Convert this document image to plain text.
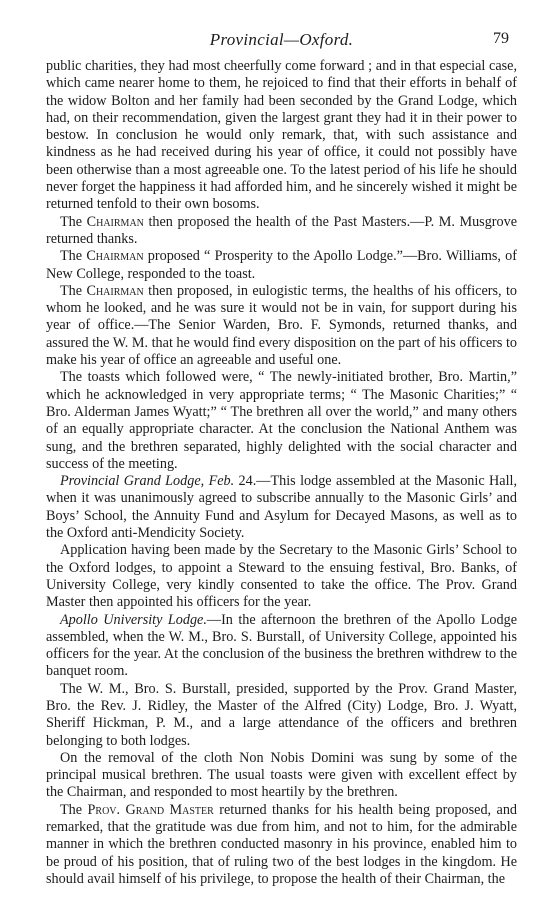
Provincial—Oxford.	79

public charities, they had most cheerfully come forward ; and in that especial case, which came nearer home to them, he rejoiced to find that their efforts in behalf of the widow Bolton and her family had been seconded by the Grand Lodge, which had, on their recommendation, given the largest grant they had it in their power to bestow. In conclusion he would only remark, that, with such assistance and kindness as he had received during his year of office, it could not possibly have been otherwise than a most agreeable one. To the latest period of his life he should never forget the happiness it had afforded him, and he sincerely wished it might be returned tenfold to their own bosoms.

The Chairman then proposed the health of the Past Masters.—P. M. Musgrove returned thanks.

The Chairman proposed “ Prosperity to the Apollo Lodge.”—Bro. Williams, of New College, responded to the toast.

The Chairman then proposed, in eulogistic terms, the healths of his officers, to whom he looked, and he was sure it would not be in vain, for support during his year of office.—The Senior Warden, Bro. F. Symonds, returned thanks, and assured the W. M. that he would find every disposition on the part of his officers to make his year of office an agreeable and useful one.

The toasts which followed were, “ The newly-initiated brother, Bro. Martin,” which he acknowledged in very appropriate terms; “ The Masonic Charities;” “ Bro. Alderman James Wyatt;” “ The brethren all over the world,” and many others of an equally appropriate character. At the conclusion the National Anthem was sung, and the brethren separated, highly delighted with the social character and success of the meeting.

Provincial Grand Lodge, Feb. 24.—This lodge assembled at the Masonic Hall, when it was unanimously agreed to subscribe annually to the Masonic Girls’ and Boys’ School, the Annuity Fund and Asylum for Decayed Masons, as well as to the Oxford anti-Mendicity Society.

Application having been made by the Secretary to the Masonic Girls’ School to the Oxford lodges, to appoint a Steward to the ensuing festival, Bro. Banks, of University College, very kindly consented to take the office. The Prov. Grand Master then appointed his officers for the year.

Apollo University Lodge.—In the afternoon the brethren of the Apollo Lodge assembled, when the W. M., Bro. S. Burstall, of University College, appointed his officers for the year. At the conclusion of the business the brethren withdrew to the banquet room.

The W. M., Bro. S. Burstall, presided, supported by the Prov. Grand Master, Bro. the Rev. J. Ridley, the Master of the Alfred (City) Lodge, Bro. J. Wyatt, Sheriff Hickman, P. M., and a large attendance of the officers and brethren belonging to both lodges.

On the removal of the cloth Non Nobis Domini was sung by some of the principal musical brethren. The usual toasts were given with excellent effect by the Chairman, and responded to most heartily by the brethren.

The Prov. Grand Master returned thanks for his health being proposed, and remarked, that the gratitude was due from him, and not to him, for the admirable manner in which the brethren conducted masonry in his province, enabled him to be proud of his position, that of ruling two of the best lodges in the kingdom. He should avail himself of his privilege, to propose the health of their Chairman, the
